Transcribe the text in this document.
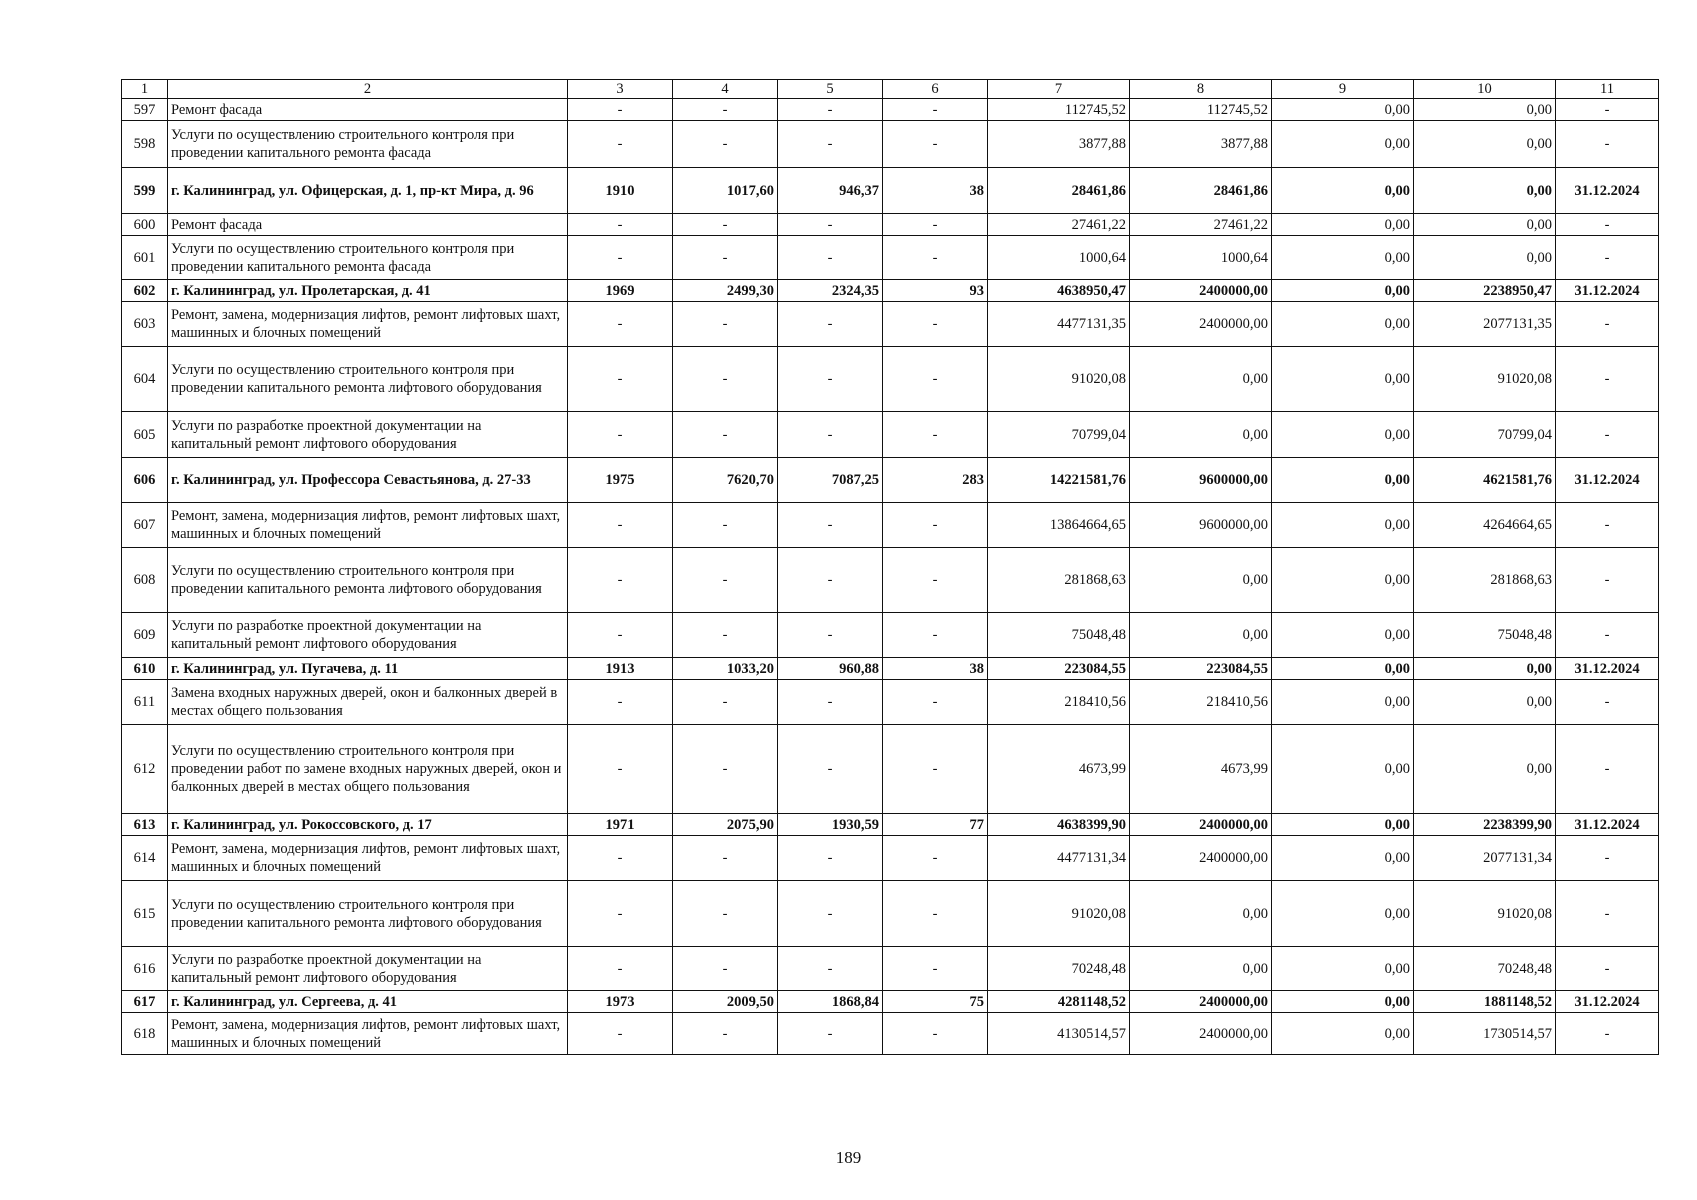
1	2	3	4	5	6	7	8	9	10	11
597	Ремонт фасада	-	-	-	-	112745,52	112745,52	0,00	0,00	-
598	Услуги по осуществлению строительного контроля при проведении капитального ремонта фасада	-	-	-	-	3877,88	3877,88	0,00	0,00	-
599	г. Калининград, ул. Офицерская, д. 1, пр-кт Мира, д. 96	1910	1017,60	946,37	38	28461,86	28461,86	0,00	0,00	31.12.2024
600	Ремонт фасада	-	-	-	-	27461,22	27461,22	0,00	0,00	-
601	Услуги по осуществлению строительного контроля при проведении капитального ремонта фасада	-	-	-	-	1000,64	1000,64	0,00	0,00	-
602	г. Калининград, ул. Пролетарская, д. 41	1969	2499,30	2324,35	93	4638950,47	2400000,00	0,00	2238950,47	31.12.2024
603	Ремонт, замена, модернизация лифтов, ремонт лифтовых шахт, машинных и блочных помещений	-	-	-	-	4477131,35	2400000,00	0,00	2077131,35	-
604	Услуги по осуществлению строительного контроля при проведении капитального ремонта лифтового оборудования	-	-	-	-	91020,08	0,00	0,00	91020,08	-
605	Услуги по разработке проектной документации на капитальный ремонт лифтового оборудования	-	-	-	-	70799,04	0,00	0,00	70799,04	-
606	г. Калининград, ул. Профессора Севастьянова, д. 27-33	1975	7620,70	7087,25	283	14221581,76	9600000,00	0,00	4621581,76	31.12.2024
607	Ремонт, замена, модернизация лифтов, ремонт лифтовых шахт, машинных и блочных помещений	-	-	-	-	13864664,65	9600000,00	0,00	4264664,65	-
608	Услуги по осуществлению строительного контроля при проведении капитального ремонта лифтового оборудования	-	-	-	-	281868,63	0,00	0,00	281868,63	-
609	Услуги по разработке проектной документации на капитальный ремонт лифтового оборудования	-	-	-	-	75048,48	0,00	0,00	75048,48	-
610	г. Калининград, ул. Пугачева, д. 11	1913	1033,20	960,88	38	223084,55	223084,55	0,00	0,00	31.12.2024
611	Замена входных наружных дверей, окон и балконных дверей в местах общего пользования	-	-	-	-	218410,56	218410,56	0,00	0,00	-
612	Услуги по осуществлению строительного контроля при проведении работ по замене входных наружных дверей, окон и балконных дверей в местах общего пользования	-	-	-	-	4673,99	4673,99	0,00	0,00	-
613	г. Калининград, ул. Рокоссовского, д. 17	1971	2075,90	1930,59	77	4638399,90	2400000,00	0,00	2238399,90	31.12.2024
614	Ремонт, замена, модернизация лифтов, ремонт лифтовых шахт, машинных и блочных помещений	-	-	-	-	4477131,34	2400000,00	0,00	2077131,34	-
615	Услуги по осуществлению строительного контроля при проведении капитального ремонта лифтового оборудования	-	-	-	-	91020,08	0,00	0,00	91020,08	-
616	Услуги по разработке проектной документации на капитальный ремонт лифтового оборудования	-	-	-	-	70248,48	0,00	0,00	70248,48	-
617	г. Калининград, ул. Сергеева, д. 41	1973	2009,50	1868,84	75	4281148,52	2400000,00	0,00	1881148,52	31.12.2024
618	Ремонт, замена, модернизация лифтов, ремонт лифтовых шахт, машинных и блочных помещений	-	-	-	-	4130514,57	2400000,00	0,00	1730514,57	-
189
